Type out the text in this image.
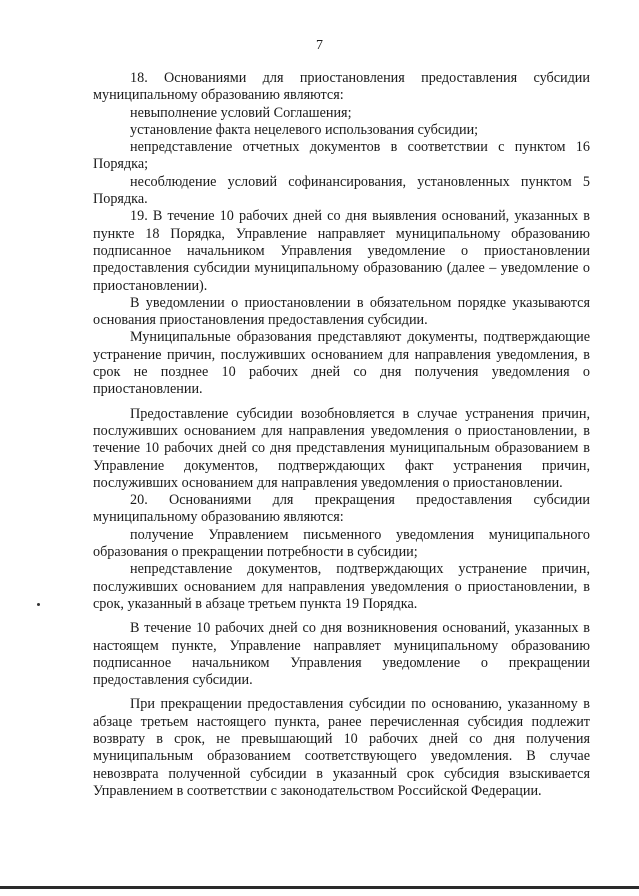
7

18. Основаниями для приостановления предоставления субсидии муниципальному образованию являются:

невыполнение условий Соглашения;

установление факта нецелевого использования субсидии;

непредставление отчетных документов в соответствии с пунктом 16 Порядка;

несоблюдение условий софинансирования, установленных пунктом 5 Порядка.

19. В течение 10 рабочих дней со дня выявления оснований, указанных в пункте 18 Порядка, Управление направляет муниципальному образованию подписанное начальником Управления уведомление о приостановлении предоставления субсидии муниципальному образованию (далее – уведомление о приостановлении).

В уведомлении о приостановлении в обязательном порядке указываются основания приостановления предоставления субсидии.

Муниципальные образования представляют документы, подтверждающие устранение причин, послуживших основанием для направления уведомления, в срок не позднее 10 рабочих дней со дня получения уведомления о приостановлении.

Предоставление субсидии возобновляется в случае устранения причин, послуживших основанием для направления уведомления о приостановлении, в течение 10 рабочих дней со дня представления муниципальным образованием в Управление документов, подтверждающих факт устранения причин, послуживших основанием для направления уведомления о приостановлении.

20. Основаниями для прекращения предоставления субсидии муниципальному образованию являются:

получение Управлением письменного уведомления муниципального образования о прекращении потребности в субсидии;

непредставление документов, подтверждающих устранение причин, послуживших основанием для направления уведомления о приостановлении, в срок, указанный в абзаце третьем пункта 19 Порядка.

В течение 10 рабочих дней со дня возникновения оснований, указанных в настоящем пункте, Управление направляет муниципальному образованию подписанное начальником Управления уведомление о прекращении предоставления субсидии.

При прекращении предоставления субсидии по основанию, указанному в абзаце третьем настоящего пункта, ранее перечисленная субсидия подлежит возврату в срок, не превышающий 10 рабочих дней со дня получения муниципальным образованием соответствующего уведомления. В случае невозврата полученной субсидии в указанный срок субсидия взыскивается Управлением в соответствии с законодательством Российской Федерации.
